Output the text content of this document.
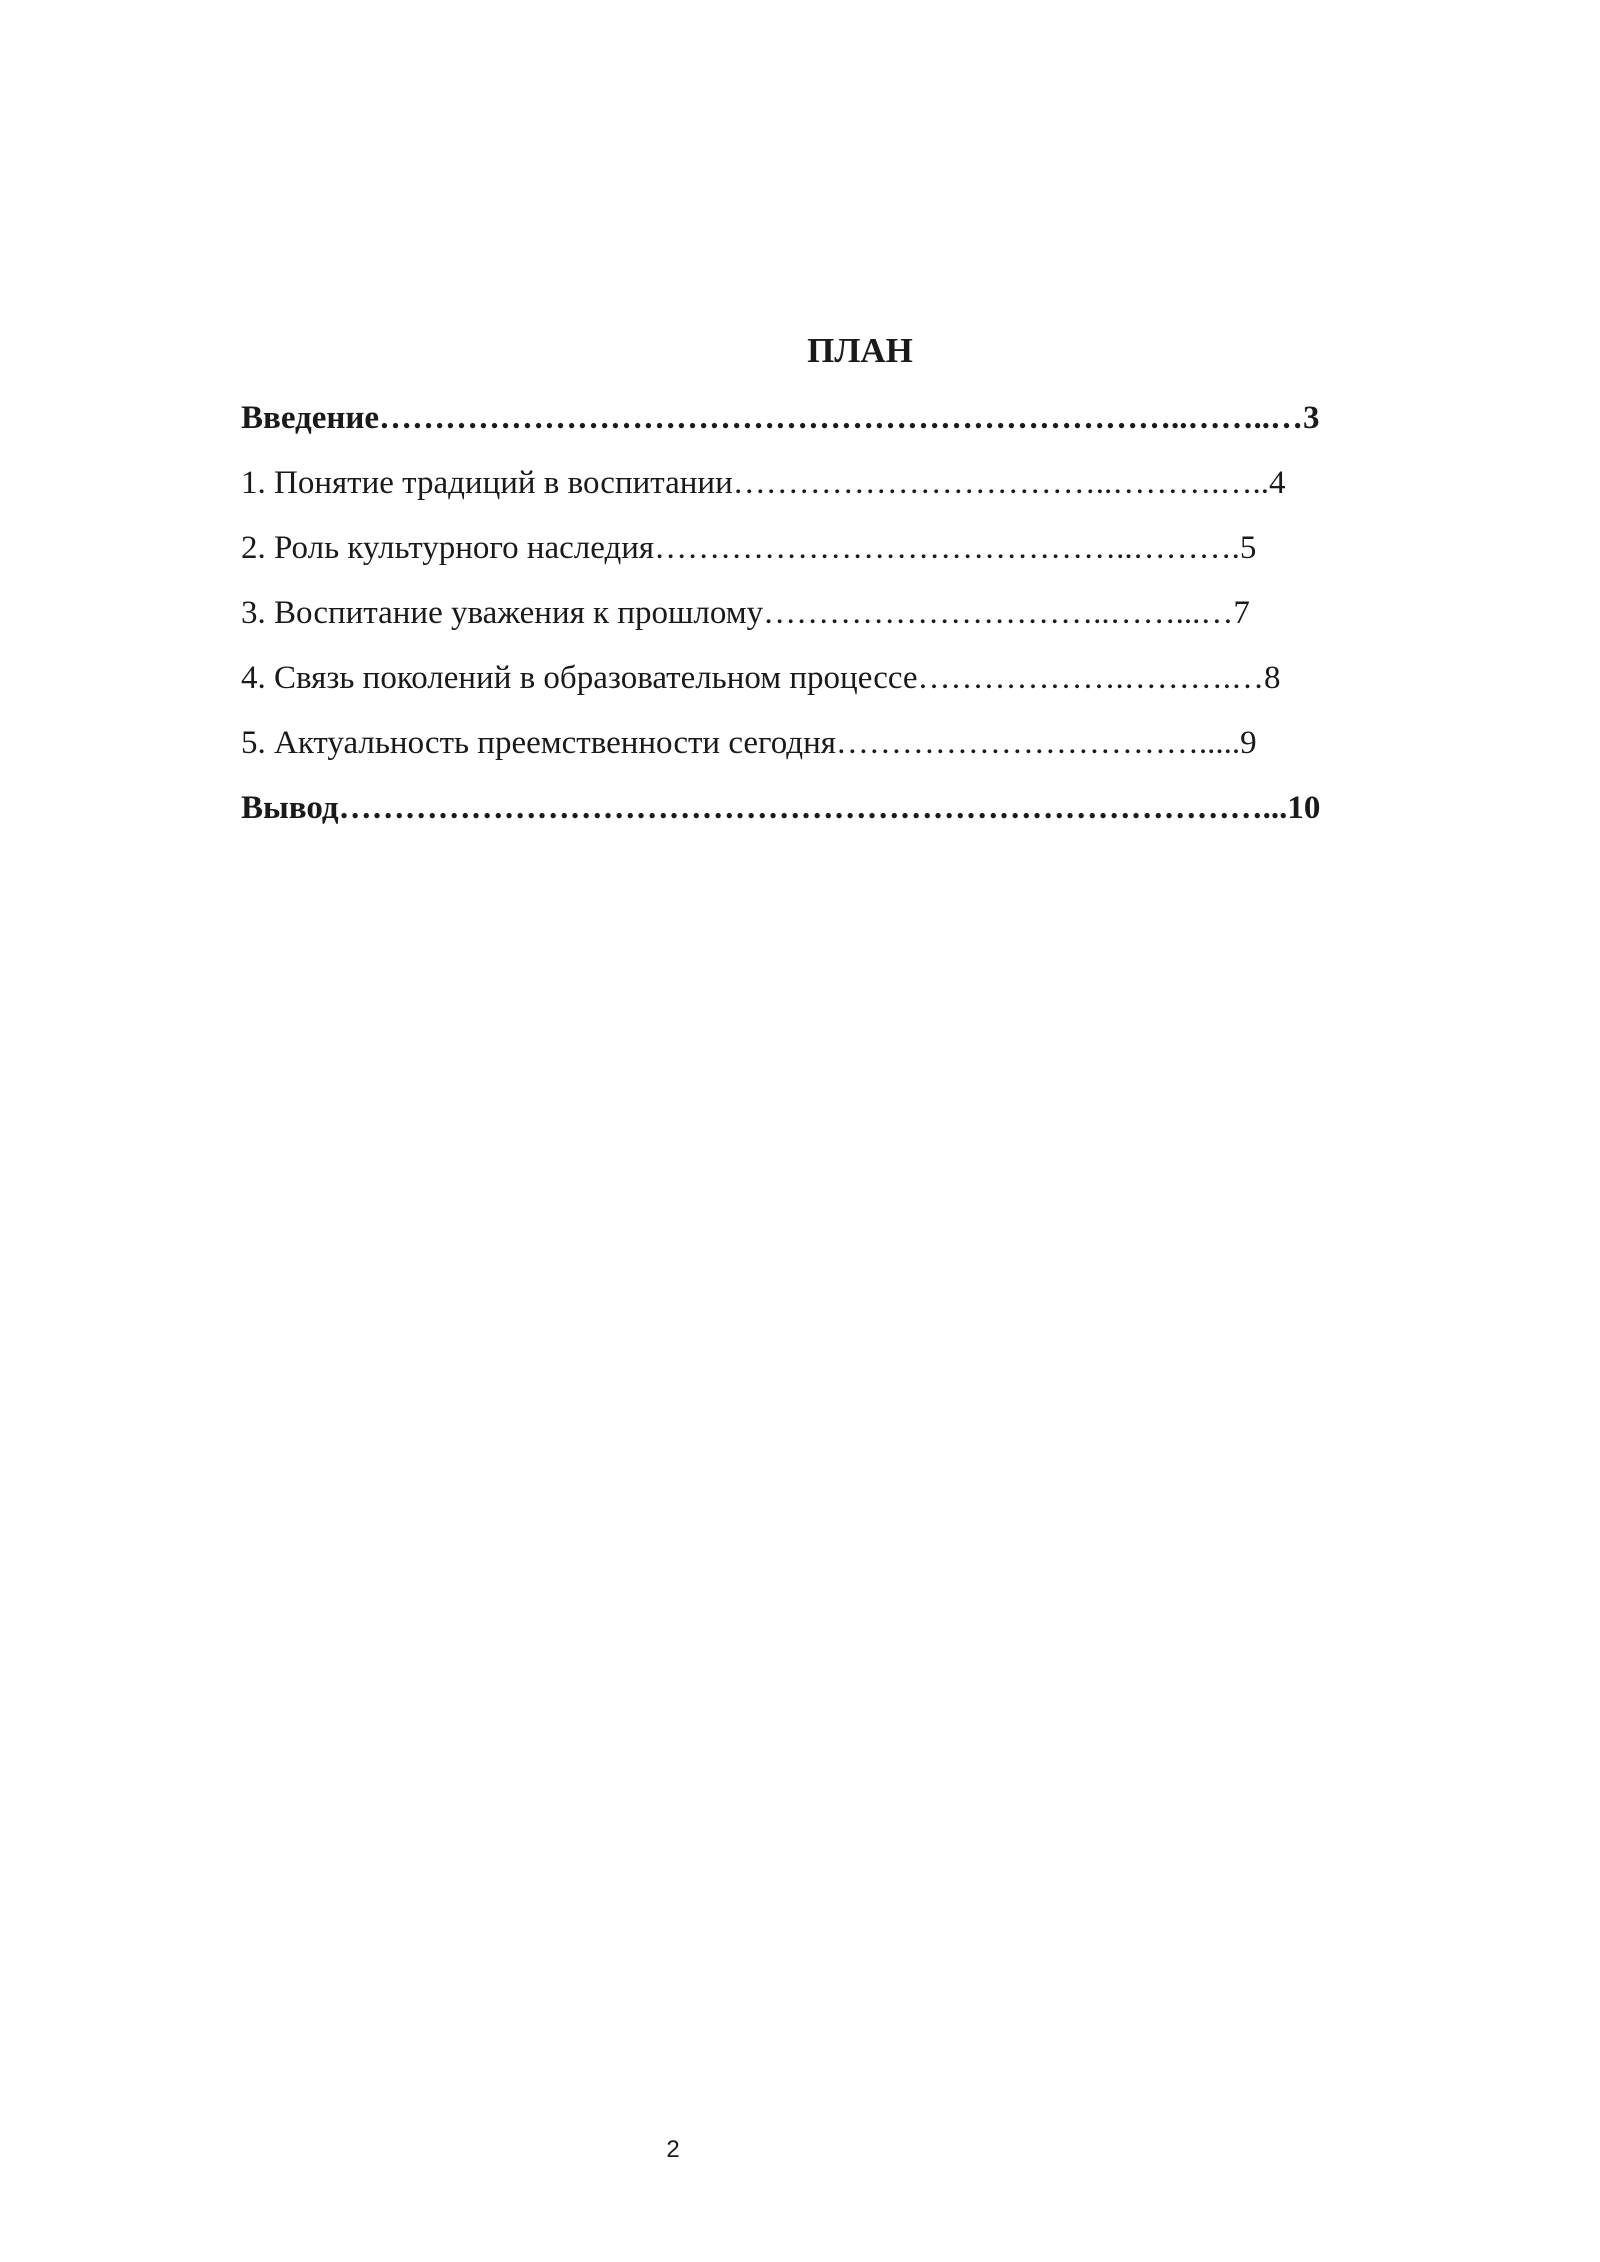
ПЛАН
Введение………………………………………………………………..……..…3
1. Понятие традиций в воспитании……………………………..……….…..4
2. Роль культурного наследия……………………………………..……….5
3. Воспитание уважения к прошлому…………………………..……...…7
4. Связь поколений в образовательном процессе……………….……….…8
5. Актуальность преемственности сегодня…………………………….....9
Вывод…………………………………………………………………………...10
2
